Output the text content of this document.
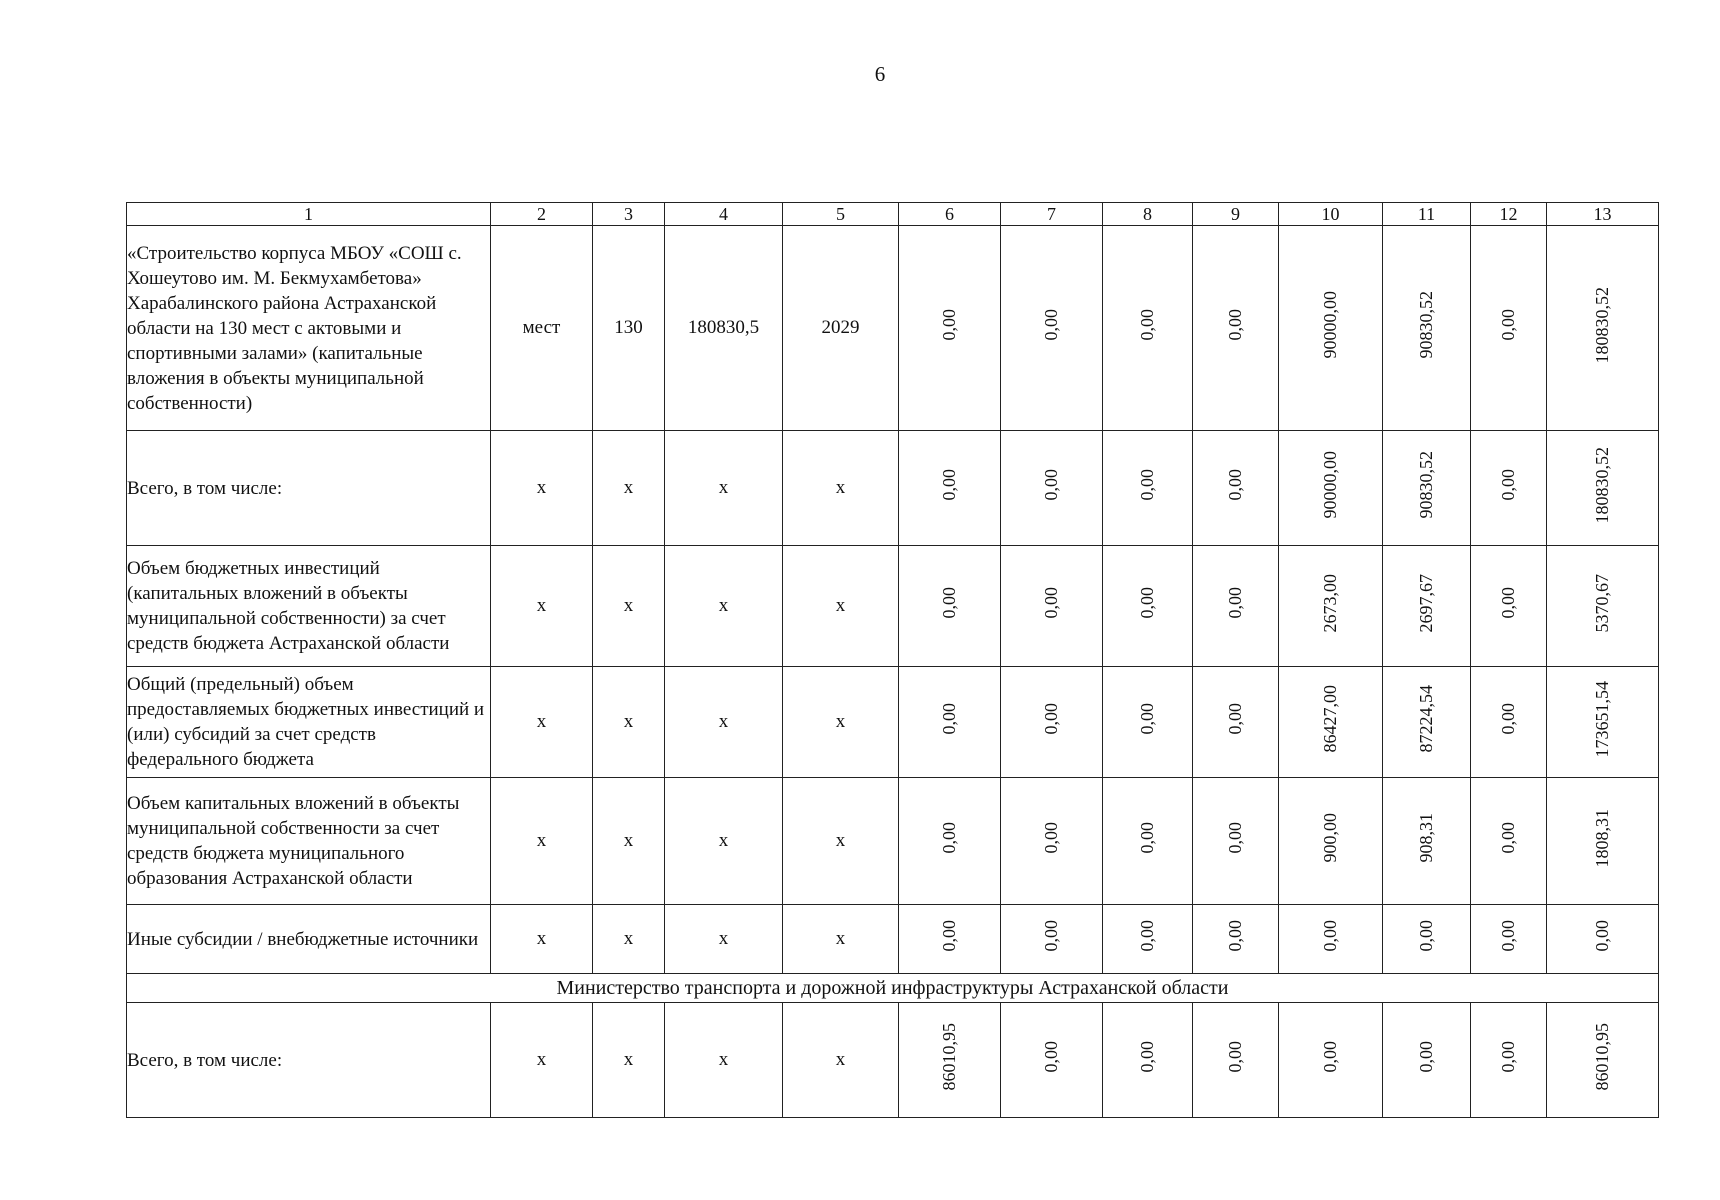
6
1	2	3	4	5	6	7	8	9	10	11	12	13
«Строительство корпуса МБОУ «СОШ с. Хошеутово им. М. Бекмухамбетова» Харабалинского района Астраханской области на 130 мест с актовыми и спортивными залами» (капитальные вложения в объекты муниципальной собственности)	мест	130	180830,5	2029	0,00	0,00	0,00	0,00	90000,00	90830,52	0,00	180830,52
Всего, в том числе:	x	x	x	x	0,00	0,00	0,00	0,00	90000,00	90830,52	0,00	180830,52
Объем бюджетных инвестиций (капитальных вложений в объекты муниципальной собственности) за счет средств бюджета Астраханской области	x	x	x	x	0,00	0,00	0,00	0,00	2673,00	2697,67	0,00	5370,67
Общий (предельный) объем предоставляемых бюджетных инвестиций и (или) субсидий за счет средств федерального бюджета	x	x	x	x	0,00	0,00	0,00	0,00	86427,00	87224,54	0,00	173651,54
Объем капитальных вложений в объекты муниципальной собственности за счет средств бюджета муниципального образования Астраханской области	x	x	x	x	0,00	0,00	0,00	0,00	900,00	908,31	0,00	1808,31
Иные субсидии / внебюджетные источники	x	x	x	x	0,00	0,00	0,00	0,00	0,00	0,00	0,00	0,00
Министерство транспорта и дорожной инфраструктуры Астраханской области												
Всего, в том числе:	x	x	x	x	86010,95	0,00	0,00	0,00	0,00	0,00	0,00	86010,95
